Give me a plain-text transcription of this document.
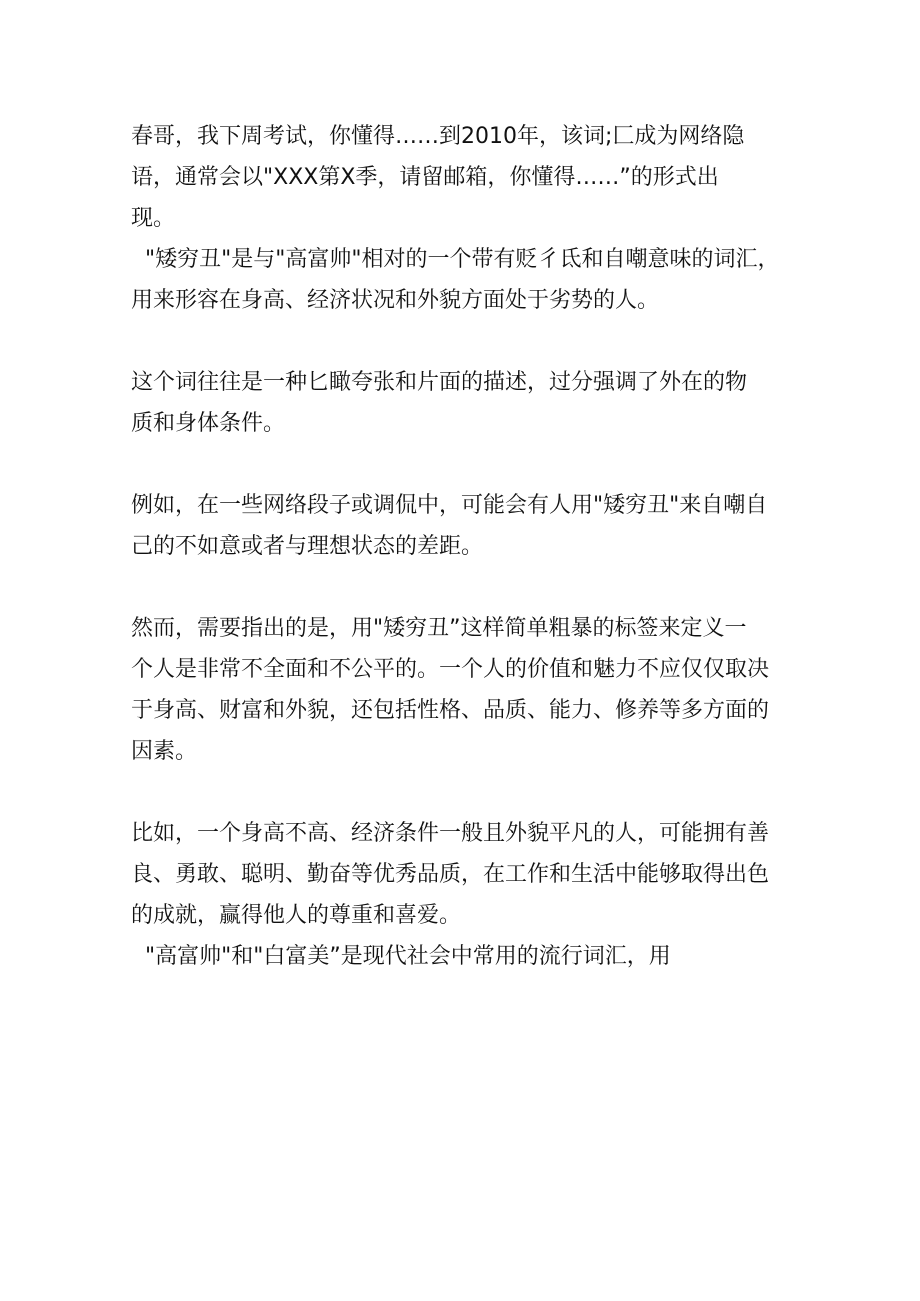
春哥，我下周考试，你懂得……到2010年，该词;匚成为网络隐
语，通常会以"XXX第X季，请留邮箱，你懂得……”的形式出
现。
"矮穷丑"是与"高富帅"相对的一个带有贬彳氐和自嘲意味的词汇，
用来形容在身高、经济状况和外貌方面处于劣势的人。
这个词往往是一种匕瞰夸张和片面的描述，过分强调了外在的物
质和身体条件。
例如，在一些网络段子或调侃中，可能会有人用"矮穷丑"来自嘲自
己的不如意或者与理想状态的差距。
然而，需要指出的是，用"矮穷丑”这样简单粗暴的标签来定义一
个人是非常不全面和不公平的。一个人的价值和魅力不应仅仅取决
于身高、财富和外貌，还包括性格、品质、能力、修养等多方面的
因素。
比如，一个身高不高、经济条件一般且外貌平凡的人，可能拥有善
良、勇敢、聪明、勤奋等优秀品质，在工作和生活中能够取得出色
的成就，赢得他人的尊重和喜爱。
"高富帅"和"白富美”是现代社会中常用的流行词汇，用
